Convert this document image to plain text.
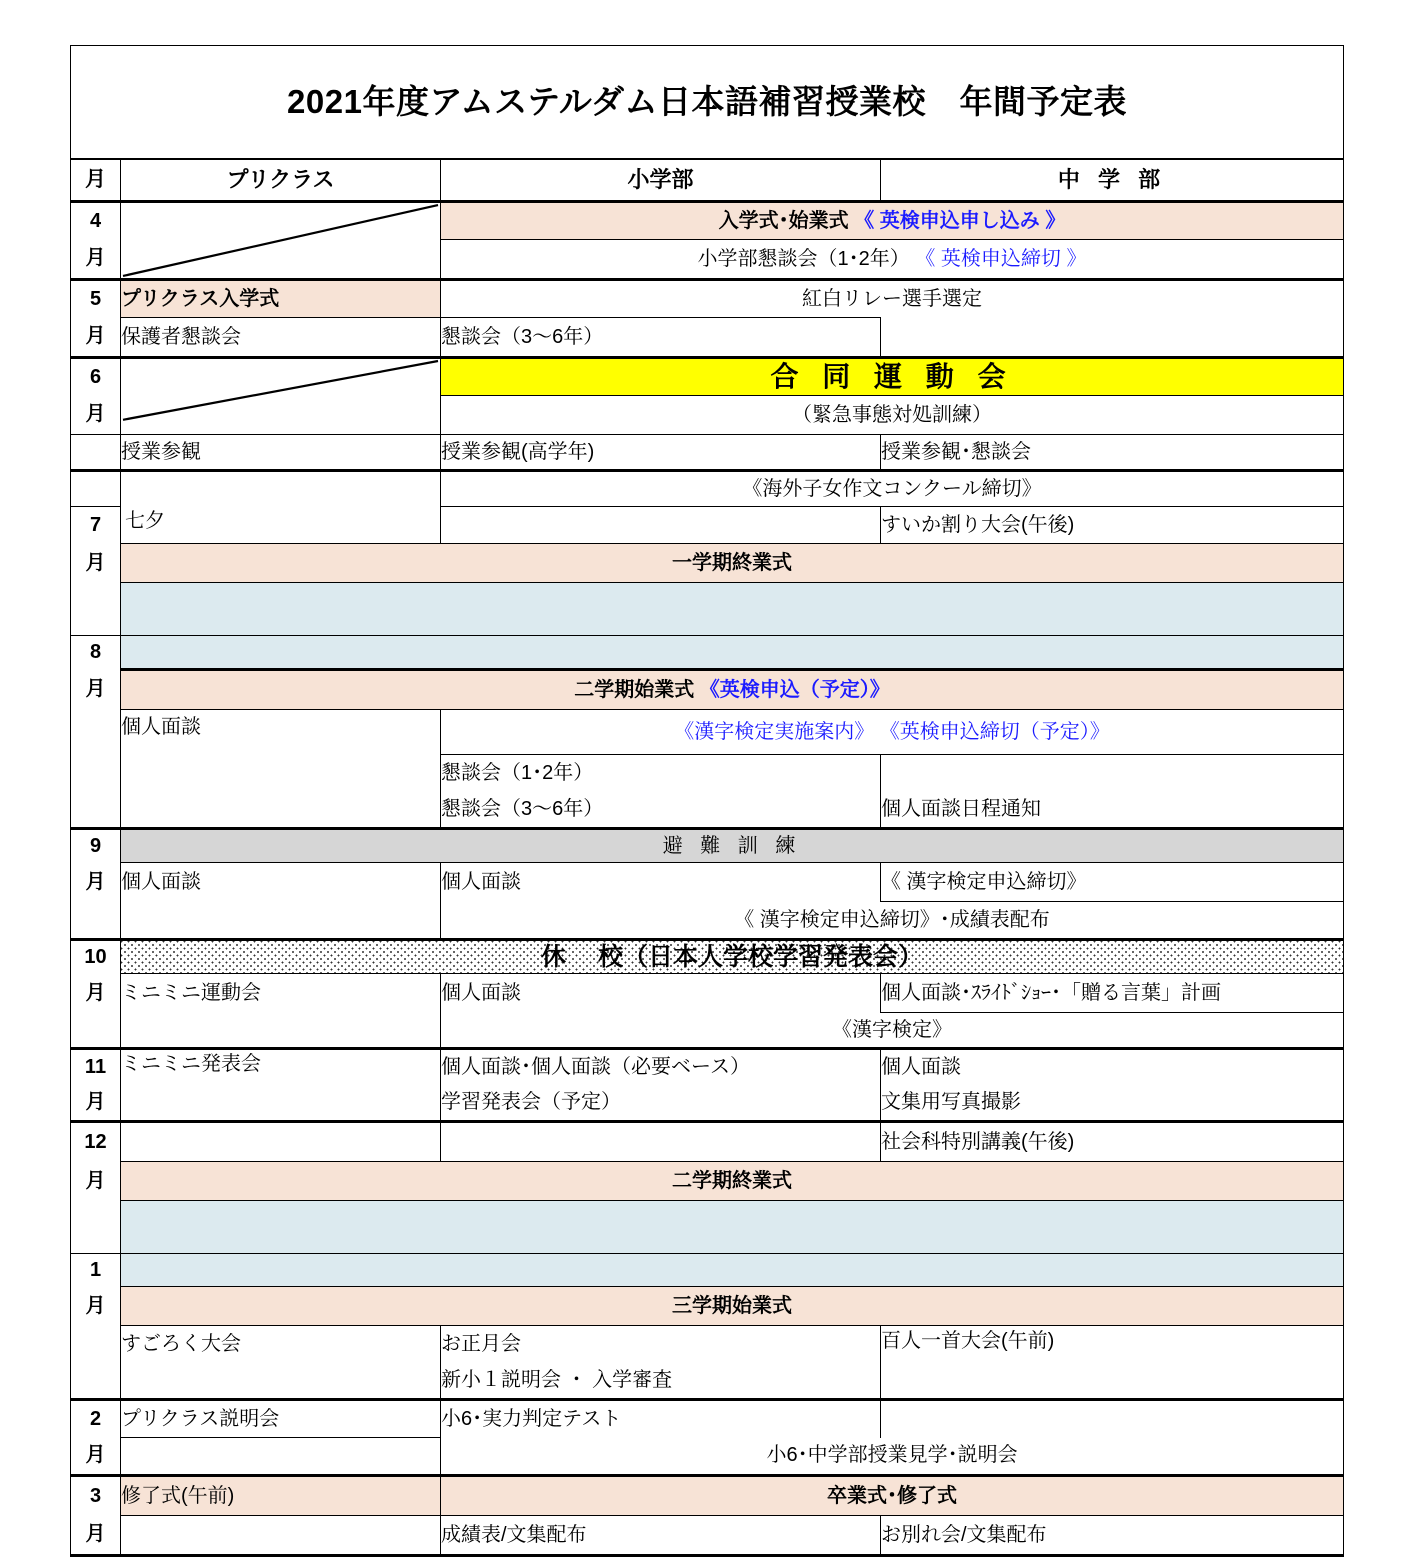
2021年度アムステルダム日本語補習授業校　年間予定表			

月	プリクラス	小学部	中 学 部
4		入学式･始業式 《 英検申込申し込み 》	
月		小学部懇談会（1･2年） 《 英検申込締切 》	
5	プリクラス入学式	紅白リレー選手選定	
月	保護者懇談会	懇談会（3～6年）	
6		合 同 運 動 会	
月		（緊急事態対処訓練）	
	授業参観	授業参観(高学年)	授業参観･懇談会

	七夕	《海外子女作文コンクール締切》	
7			すいか割り大会(午後)
月	一学期終業式		

8			
月	二学期始業式 《英検申込（予定）》		
	個人面談	《漢字検定実施案内》 《英検申込締切（予定）》	
		懇談会（1･2年）	
		懇談会（3～6年）	個人面談日程通知
9	避 難 訓 練		
月	個人面談	個人面談	《 漢字検定申込締切》
		《 漢字検定申込締切》･成績表配布	
10	休　 校（日本人学校学習発表会）		
月	ミニミニ運動会	個人面談	個人面談･ｽﾗｲﾄﾞｼｮｰ･「贈る言葉」計画
		《漢字検定》	
11	ミニミニ発表会	個人面談･個人面談（必要ベース）	個人面談
月		学習発表会（予定）	文集用写真撮影
12			社会科特別講義(午後)
月	二学期終業式		

1			
月	三学期始業式		
	すごろく大会	お正月会	百人一首大会(午前)
		新小１説明会 ・ 入学審査	
2	プリクラス説明会	小6･実力判定テスト	
月		小6･中学部授業見学･説明会	
3	修了式(午前)	卒業式･修了式	
月		成績表/文集配布	お別れ会/文集配布
